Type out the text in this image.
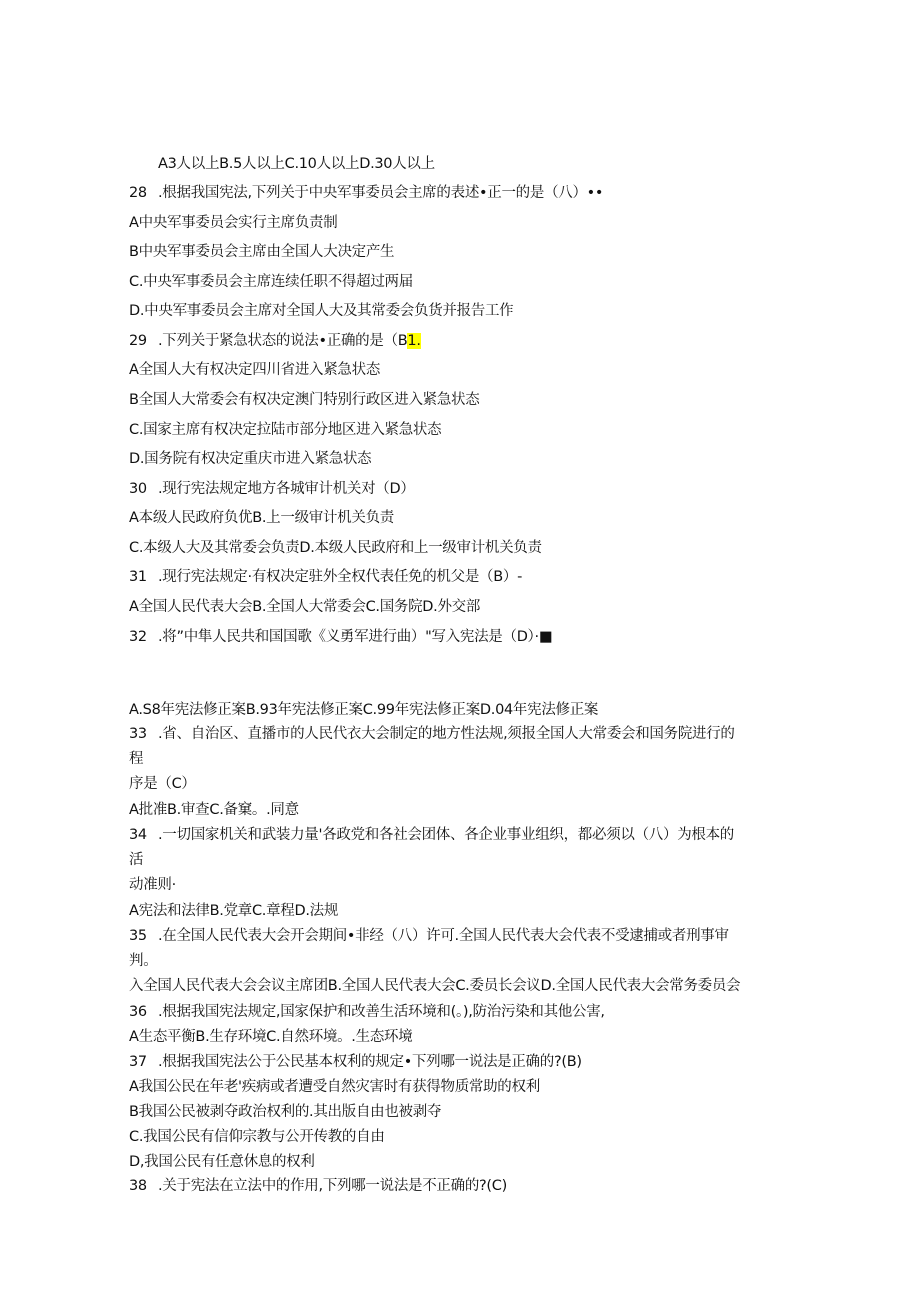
A3人以上B.5人以上C.10人以上D.30人以上
28 .根据我国宪法,下列关于中央军事委员会主席的表述•正一的是（八）••
A中央军事委员会实行主席负责制
B中央军事委员会主席由全国人大决定产生
C.中央军事委员会主席连续任职不得超过两届
D.中央军事委员会主席对全国人大及其常委会负货并报告工作
29 .下列关于紧急状态的说法•正确的是（B1.
A全国人大有权决定四川省进入紧急状态
B全国人大常委会有权决定澳门特别行政区进入紧急状态
C.国家主席有权决定拉陆市部分地区进入紧急状态
D.国务院有权决定重庆市进入紧急状态
30 .现行宪法规定地方各城审计机关对（D）
A本级人民政府负优B.上一级审计机关负责
C.本级人大及其常委会负责D.本级人民政府和上一级审计机关负责
31 .现行宪法规定·有权决定驻外全权代表任免的机父是（B）-
A全国人民代表大会B.全国人大常委会C.国务院D.外交部
32 .将”中隼人民共和国国歌《义勇军进行曲）"写入宪法是（D）·■
A.S8年宪法修正案B.93年宪法修正案C.99年宪法修正案D.04年宪法修正案
33 .省、自治区、直播市的人民代衣大会制定的地方性法规,须报全国人大常委会和国务院进行的
程
序是（C）
A批准B.审查C.备窠。.同意
34 .一切国家机关和武装力量'各政党和各社会团体、各企业事业组织，都必须以（八）为根本的
活
动准则·
A宪法和法律B.党章C.章程D.法规
35 .在全国人民代表大会开会期间•非经（八）许可.全国人民代表大会代表不受逮捕或者刑事审
判。
入全国人民代表大会会议主席团B.全国人民代表大会C.委员长会议D.全国人民代表大会常务委员会
36 .根据我国宪法规定,国家保护和改善生活环境和(。),防治污染和其他公害,
A生态平衡B.生存环境C.自然环境。.生态环境
37 .根据我国宪法公于公民基本权利的规定•下列哪一说法是正确的?(B)
A我国公民在年老'疾病或者遭受自然灾害时有获得物质常助的权利
B我国公民被剥夺政治权利的.其出版自由也被剥夺
C.我国公民有信仰宗教与公开传教的自由
D,我国公民有任意休息的权利
38 .关于宪法在立法中的作用,下列哪一说法是不正确的?(C)
